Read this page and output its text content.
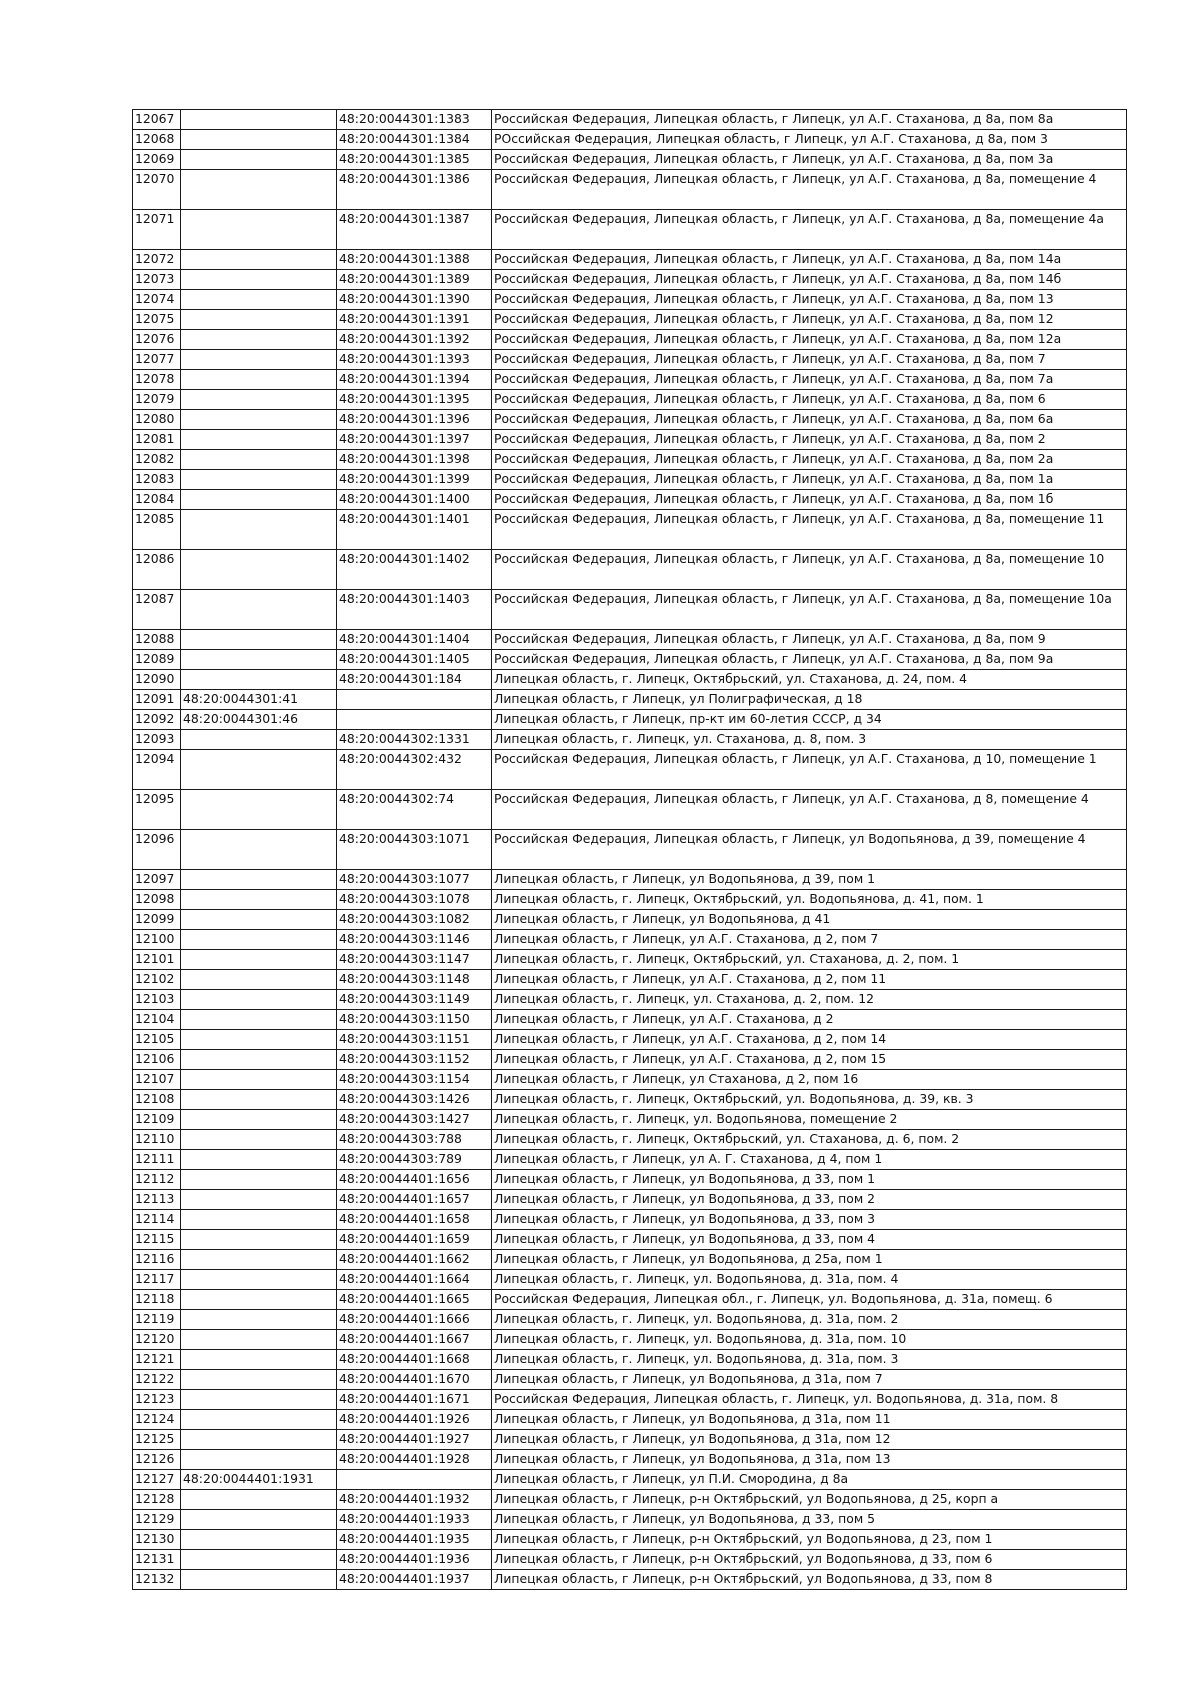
12067		48:20:0044301:1383	Российская Федерация, Липецкая область, г Липецк, ул А.Г. Стаханова, д 8а, пом 8а
12068		48:20:0044301:1384	РОссийская Федерация, Липецкая область, г Липецк, ул А.Г. Стаханова, д 8а, пом 3
12069		48:20:0044301:1385	Российская Федерация, Липецкая область, г Липецк, ул А.Г. Стаханова, д 8а, пом 3а
12070		48:20:0044301:1386	Российская Федерация, Липецкая область, г Липецк, ул А.Г. Стаханова, д 8а, помещение 4
12071		48:20:0044301:1387	Российская Федерация, Липецкая область, г Липецк, ул А.Г. Стаханова, д 8а, помещение 4а
12072		48:20:0044301:1388	Российская Федерация, Липецкая область, г Липецк, ул А.Г. Стаханова, д 8а, пом 14а
12073		48:20:0044301:1389	Российская Федерация, Липецкая область, г Липецк, ул А.Г. Стаханова, д 8а, пом 14б
12074		48:20:0044301:1390	Российская Федерация, Липецкая область, г Липецк, ул А.Г. Стаханова, д 8а, пом 13
12075		48:20:0044301:1391	Российская Федерация, Липецкая область, г Липецк, ул А.Г. Стаханова, д 8а, пом 12
12076		48:20:0044301:1392	Российская Федерация, Липецкая область, г Липецк, ул А.Г. Стаханова, д 8а, пом 12а
12077		48:20:0044301:1393	Российская Федерация, Липецкая область, г Липецк, ул А.Г. Стаханова, д 8а, пом 7
12078		48:20:0044301:1394	Российская Федерация, Липецкая область, г Липецк, ул А.Г. Стаханова, д 8а, пом 7а
12079		48:20:0044301:1395	Российская Федерация, Липецкая область, г Липецк, ул А.Г. Стаханова, д 8а, пом 6
12080		48:20:0044301:1396	Российская Федерация, Липецкая область, г Липецк, ул А.Г. Стаханова, д 8а, пом 6а
12081		48:20:0044301:1397	Российская Федерация, Липецкая область, г Липецк, ул А.Г. Стаханова, д 8а, пом 2
12082		48:20:0044301:1398	Российская Федерация, Липецкая область, г Липецк, ул А.Г. Стаханова, д 8а, пом 2а
12083		48:20:0044301:1399	Российская Федерация, Липецкая область, г Липецк, ул А.Г. Стаханова, д 8а, пом 1а
12084		48:20:0044301:1400	Российская Федерация, Липецкая область, г Липецк, ул А.Г. Стаханова, д 8а, пом 1б
12085		48:20:0044301:1401	Российская Федерация, Липецкая область, г Липецк, ул А.Г. Стаханова, д 8а, помещение 11
12086		48:20:0044301:1402	Российская Федерация, Липецкая область, г Липецк, ул А.Г. Стаханова, д 8а, помещение 10
12087		48:20:0044301:1403	Российская Федерация, Липецкая область, г Липецк, ул А.Г. Стаханова, д 8а, помещение 10а
12088		48:20:0044301:1404	Российская Федерация, Липецкая область, г Липецк, ул А.Г. Стаханова, д 8а, пом 9
12089		48:20:0044301:1405	Российская Федерация, Липецкая область, г Липецк, ул А.Г. Стаханова, д 8а, пом 9а
12090		48:20:0044301:184	Липецкая область, г. Липецк, Октябрьский, ул. Стаханова, д. 24, пом. 4
12091	48:20:0044301:41		Липецкая область, г Липецк, ул Полиграфическая, д 18
12092	48:20:0044301:46		Липецкая область, г Липецк, пр-кт им 60-летия СССР, д 34
12093		48:20:0044302:1331	Липецкая область, г. Липецк, ул. Стаханова, д. 8, пом. 3
12094		48:20:0044302:432	Российская Федерация, Липецкая область, г Липецк, ул А.Г. Стаханова, д 10, помещение 1
12095		48:20:0044302:74	Российская Федерация, Липецкая область, г Липецк, ул А.Г. Стаханова, д 8, помещение 4
12096		48:20:0044303:1071	Российская Федерация, Липецкая область, г Липецк, ул Водопьянова, д 39, помещение 4
12097		48:20:0044303:1077	Липецкая область, г Липецк, ул Водопьянова, д 39, пом 1
12098		48:20:0044303:1078	Липецкая область, г. Липецк, Октябрьский, ул. Водопьянова, д. 41, пом. 1
12099		48:20:0044303:1082	Липецкая область, г Липецк, ул Водопьянова, д 41
12100		48:20:0044303:1146	Липецкая область, г Липецк, ул А.Г. Стаханова, д 2, пом 7
12101		48:20:0044303:1147	Липецкая область, г. Липецк, Октябрьский, ул. Стаханова, д. 2, пом. 1
12102		48:20:0044303:1148	Липецкая область, г Липецк, ул А.Г. Стаханова, д 2, пом 11
12103		48:20:0044303:1149	Липецкая область, г. Липецк, ул. Стаханова, д. 2, пом. 12
12104		48:20:0044303:1150	Липецкая область, г Липецк, ул А.Г. Стаханова, д 2
12105		48:20:0044303:1151	Липецкая область, г Липецк, ул А.Г. Стаханова, д 2, пом 14
12106		48:20:0044303:1152	Липецкая область, г Липецк, ул А.Г. Стаханова, д 2, пом 15
12107		48:20:0044303:1154	Липецкая область, г Липецк, ул Стаханова, д 2, пом 16
12108		48:20:0044303:1426	Липецкая область, г. Липецк, Октябрьский, ул. Водопьянова, д. 39, кв. 3
12109		48:20:0044303:1427	Липецкая область, г. Липецк, ул. Водопьянова, помещение 2
12110		48:20:0044303:788	Липецкая область, г. Липецк, Октябрьский, ул. Стаханова, д. 6, пом. 2
12111		48:20:0044303:789	Липецкая область, г Липецк, ул А. Г. Стаханова, д 4, пом 1
12112		48:20:0044401:1656	Липецкая область, г Липецк, ул Водопьянова, д 33, пом 1
12113		48:20:0044401:1657	Липецкая область, г Липецк, ул Водопьянова, д 33, пом 2
12114		48:20:0044401:1658	Липецкая область, г Липецк, ул Водопьянова, д 33, пом 3
12115		48:20:0044401:1659	Липецкая область, г Липецк, ул Водопьянова, д 33, пом 4
12116		48:20:0044401:1662	Липецкая область, г Липецк, ул Водопьянова, д 25а, пом 1
12117		48:20:0044401:1664	Липецкая область, г. Липецк, ул. Водопьянова, д. 31а, пом. 4
12118		48:20:0044401:1665	Российская Федерация, Липецкая обл., г. Липецк, ул. Водопьянова, д. 31а, помещ. 6
12119		48:20:0044401:1666	Липецкая область, г. Липецк, ул. Водопьянова, д. 31а, пом. 2
12120		48:20:0044401:1667	Липецкая область, г. Липецк, ул. Водопьянова, д. 31а, пом. 10
12121		48:20:0044401:1668	Липецкая область, г. Липецк, ул. Водопьянова, д. 31а, пом. 3
12122		48:20:0044401:1670	Липецкая область, г Липецк, ул Водопьянова, д 31а, пом 7
12123		48:20:0044401:1671	Российская Федерация, Липецкая область, г. Липецк, ул. Водопьянова, д. 31а, пом. 8
12124		48:20:0044401:1926	Липецкая область, г Липецк, ул Водопьянова, д 31а, пом 11
12125		48:20:0044401:1927	Липецкая область, г Липецк, ул Водопьянова, д 31а, пом 12
12126		48:20:0044401:1928	Липецкая область, г Липецк, ул Водопьянова, д 31а, пом 13
12127	48:20:0044401:1931		Липецкая область, г Липецк, ул П.И. Смородина, д 8а
12128		48:20:0044401:1932	Липецкая область, г Липецк, р-н Октябрьский, ул Водопьянова, д 25, корп а
12129		48:20:0044401:1933	Липецкая область, г Липецк, ул Водопьянова, д 33, пом 5
12130		48:20:0044401:1935	Липецкая область, г Липецк, р-н Октябрьский, ул Водопьянова, д 23, пом 1
12131		48:20:0044401:1936	Липецкая область, г Липецк, р-н Октябрьский, ул Водопьянова, д 33, пом 6
12132		48:20:0044401:1937	Липецкая область, г Липецк, р-н Октябрьский, ул Водопьянова, д 33, пом 8
